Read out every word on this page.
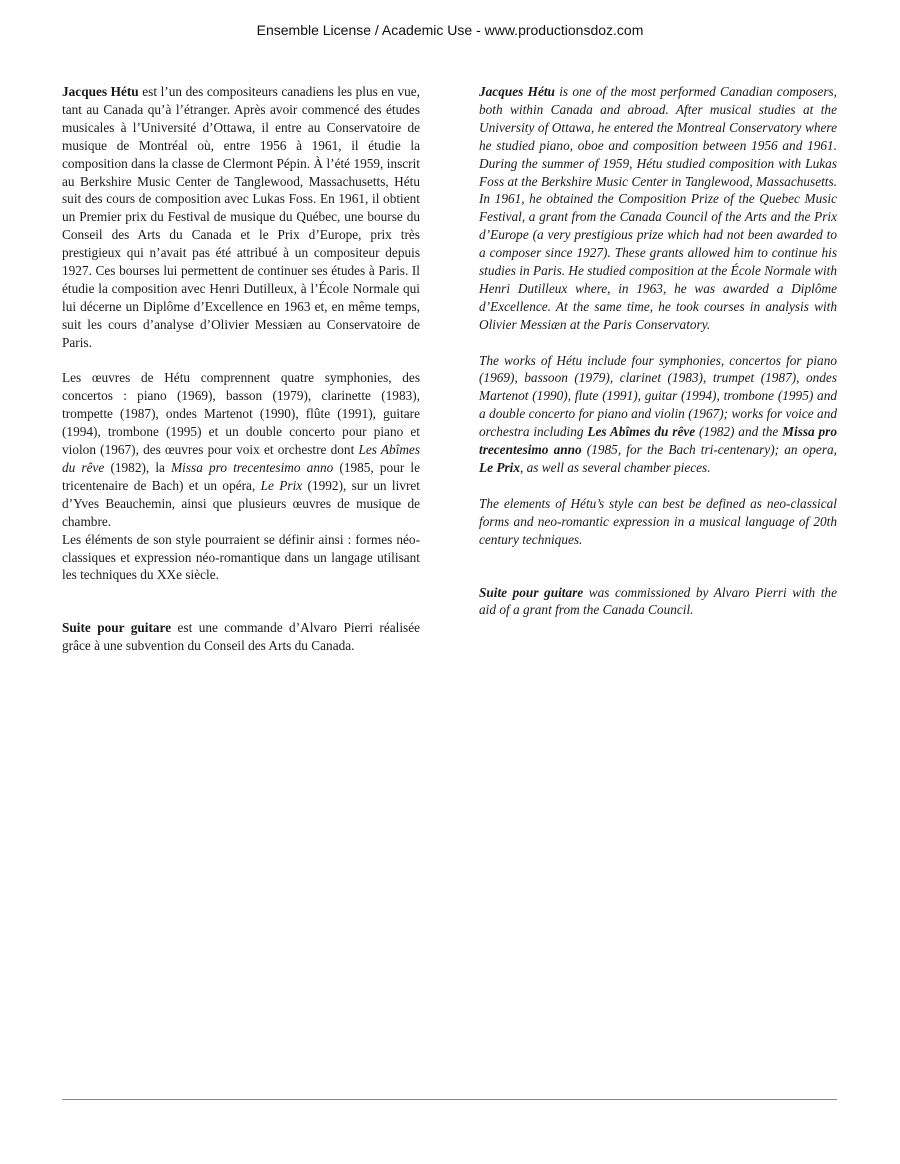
Ensemble License / Academic Use - www.productionsdoz.com

Jacques Hétu est l’un des compositeurs canadiens les plus en vue, tant au Canada qu’à l’étranger. Après avoir commencé des études musicales à l’Université d’Ottawa, il entre au Conservatoire de musique de Montréal où, entre 1956 à 1961, il étudie la composition dans la classe de Clermont Pépin. À l’été 1959, inscrit au Berkshire Music Center de Tanglewood, Massachusetts, Hétu suit des cours de composition avec Lukas Foss. En 1961, il obtient un Premier prix du Festival de musique du Québec, une bourse du Conseil des Arts du Canada et le Prix d’Europe, prix très prestigieux qui n’avait pas été attribué à un compositeur depuis 1927. Ces bourses lui permettent de continuer ses études à Paris. Il étudie la composition avec Henri Dutilleux, à l’École Normale qui lui décerne un Diplôme d’Excellence en 1963 et, en même temps, suit les cours d’analyse d’Olivier Messiæn au Conservatoire de Paris.

Les œuvres de Hétu comprennent quatre symphonies, des concertos : piano (1969), basson (1979), clarinette (1983), trompette (1987), ondes Martenot (1990), flûte (1991), guitare (1994), trombone (1995) et un double concerto pour piano et violon (1967), des œuvres pour voix et orchestre dont Les Abîmes du rêve (1982), la Missa pro trecentesimo anno (1985, pour le tricentenaire de Bach) et un opéra, Le Prix (1992), sur un livret d’Yves Beauchemin, ainsi que plusieurs œuvres de musique de chambre.

Les éléments de son style pourraient se définir ainsi : formes néo-classiques et expression néo-romantique dans un langage utilisant les techniques du XXe siècle.

Suite pour guitare est une commande d’Alvaro Pierri réalisée grâce à une subvention du Conseil des Arts du Canada.

Jacques Hétu is one of the most performed Canadian composers, both within Canada and abroad. After musical studies at the University of Ottawa, he entered the Montreal Conservatory where he studied piano, oboe and composition between 1956 and 1961. During the summer of 1959, Hétu studied composition with Lukas Foss at the Berkshire Music Center in Tanglewood, Massachusetts. In 1961, he obtained the Composition Prize of the Quebec Music Festival, a grant from the Canada Council of the Arts and the Prix d’Europe (a very prestigious prize which had not been awarded to a composer since 1927). These grants allowed him to continue his studies in Paris. He studied composition at the École Normale with Henri Dutilleux where, in 1963, he was awarded a Diplôme d’Excellence. At the same time, he took courses in analysis with Olivier Messiæn at the Paris Conservatory.

The works of Hétu include four symphonies, concertos for piano (1969), bassoon (1979), clarinet (1983), trumpet (1987), ondes Martenot (1990), flute (1991), guitar (1994), trombone (1995) and a double concerto for piano and violin (1967); works for voice and orchestra including Les Abîmes du rêve (1982) and the Missa pro trecentesimo anno (1985, for the Bach tri-centenary); an opera, Le Prix, as well as several chamber pieces.

The elements of Hétu’s style can best be defined as neo-classical forms and neo-romantic expression in a musical language of 20th century techniques.

Suite pour guitare was commissioned by Alvaro Pierri with the aid of a grant from the Canada Council.
